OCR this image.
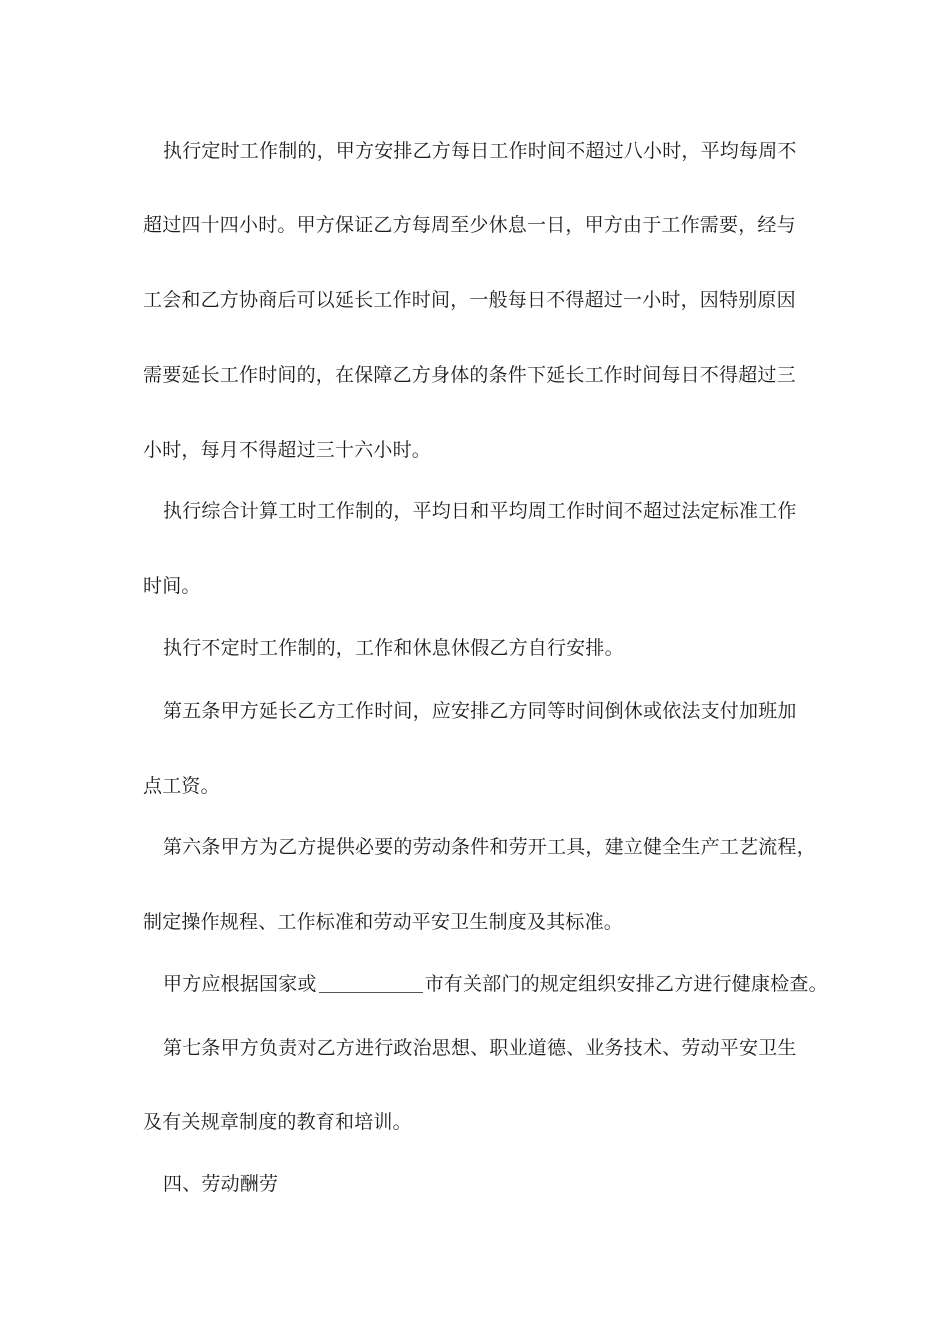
执行定时工作制的，甲方安排乙方每日工作时间不超过八小时，平均每周不
超过四十四小时。甲方保证乙方每周至少休息一日，甲方由于工作需要，经与
工会和乙方协商后可以延长工作时间，一般每日不得超过一小时，因特别原因
需要延长工作时间的，在保障乙方身体的条件下延长工作时间每日不得超过三
小时，每月不得超过三十六小时。
执行综合计算工时工作制的，平均日和平均周工作时间不超过法定标准工作
时间。
执行不定时工作制的，工作和休息休假乙方自行安排。
第五条甲方延长乙方工作时间，应安排乙方同等时间倒休或依法支付加班加
点工资。
第六条甲方为乙方提供必要的劳动条件和劳开工具，建立健全生产工艺流程，
制定操作规程、工作标准和劳动平安卫生制度及其标准。
甲方应根据国家或	市有关部门的规定组织安排乙方进行健康检查。
第七条甲方负责对乙方进行政治思想、职业道德、业务技术、劳动平安卫生
及有关规章制度的教育和培训。
四、劳动酬劳
